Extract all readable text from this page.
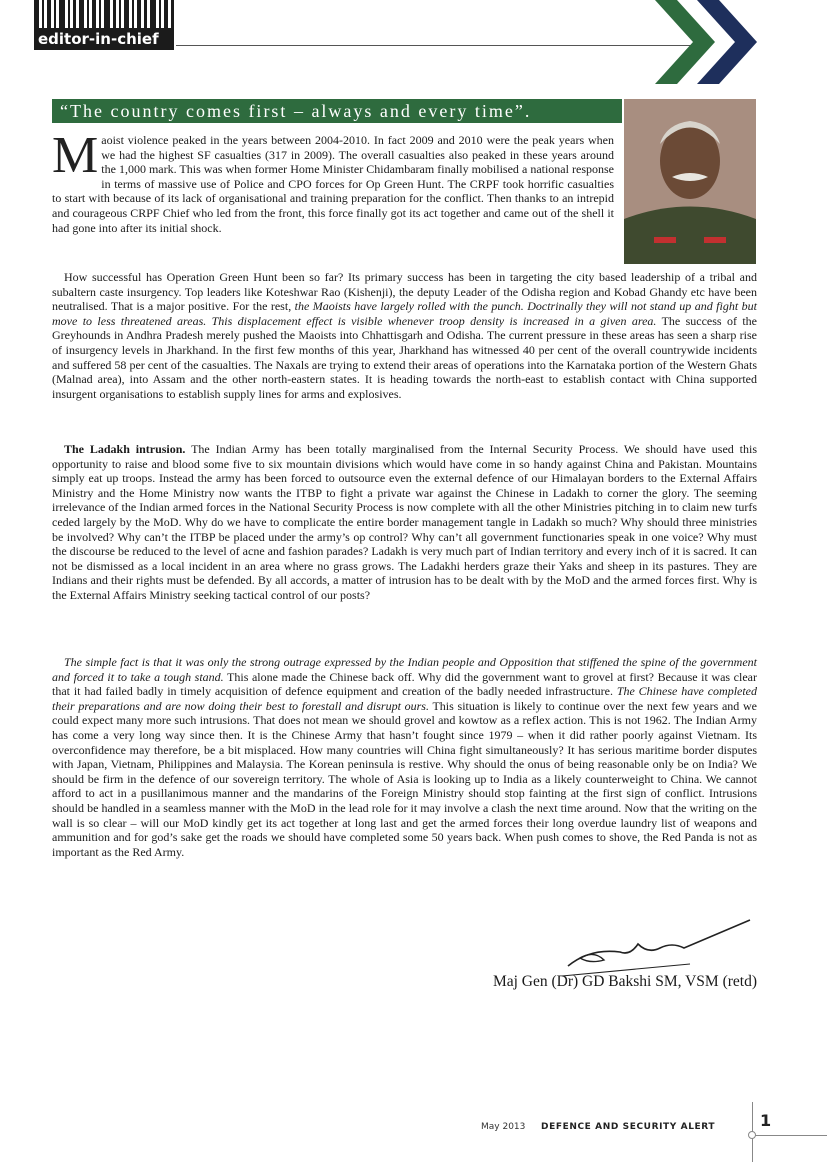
editor-in-chief
“The country comes first – always and every time”.
Maoist violence peaked in the years between 2004-2010. In fact 2009 and 2010 were the peak years when we had the highest SF casualties (317 in 2009). The overall casualties also peaked in these years around the 1,000 mark. This was when former Home Minister Chidambaram finally mobilised a national response in terms of massive use of Police and CPO forces for Op Green Hunt. The CRPF took horrific casualties to start with because of its lack of organisational and training preparation for the conflict. Then thanks to an intrepid and courageous CRPF Chief who led from the front, this force finally got its act together and came out of the shell it had gone into after its initial shock.

How successful has Operation Green Hunt been so far? Its primary success has been in targeting the city based leadership of a tribal and subaltern caste insurgency. Top leaders like Koteshwar Rao (Kishenji), the deputy Leader of the Odisha region and Kobad Ghandy etc have been neutralised. That is a major positive. For the rest, the Maoists have largely rolled with the punch. Doctrinally they will not stand up and fight but move to less threatened areas. This displacement effect is visible whenever troop density is increased in a given area. The success of the Greyhounds in Andhra Pradesh merely pushed the Maoists into Chhattisgarh and Odisha. The current pressure in these areas has seen a sharp rise of insurgency levels in Jharkhand. In the first few months of this year, Jharkhand has witnessed 40 per cent of the overall countrywide incidents and suffered 58 per cent of the casualties. The Naxals are trying to extend their areas of operations into the Karnataka portion of the Western Ghats (Malnad area), into Assam and the other north-eastern states. It is heading towards the north-east to establish contact with China supported insurgent organisations to establish supply lines for arms and explosives.

The Ladakh intrusion. The Indian Army has been totally marginalised from the Internal Security Process. We should have used this opportunity to raise and blood some five to six mountain divisions which would have come in so handy against China and Pakistan. Mountains simply eat up troops. Instead the army has been forced to outsource even the external defence of our Himalayan borders to the External Affairs Ministry and the Home Ministry now wants the ITBP to fight a private war against the Chinese in Ladakh to corner the glory. The seeming irrelevance of the Indian armed forces in the National Security Process is now complete with all the other Ministries pitching in to claim new turfs ceded largely by the MoD. Why do we have to complicate the entire border management tangle in Ladakh so much? Why should three ministries be involved? Why can’t the ITBP be placed under the army’s op control? Why can’t all government functionaries speak in one voice? Why must the discourse be reduced to the level of acne and fashion parades? Ladakh is very much part of Indian territory and every inch of it is sacred. It can not be dismissed as a local incident in an area where no grass grows. The Ladakhi herders graze their Yaks and sheep in its pastures. They are Indians and their rights must be defended. By all accords, a matter of intrusion has to be dealt with by the MoD and the armed forces first. Why is the External Affairs Ministry seeking tactical control of our posts?

The simple fact is that it was only the strong outrage expressed by the Indian people and Opposition that stiffened the spine of the government and forced it to take a tough stand. This alone made the Chinese back off. Why did the government want to grovel at first? Because it was clear that it had failed badly in timely acquisition of defence equipment and creation of the badly needed infrastructure. The Chinese have completed their preparations and are now doing their best to forestall and disrupt ours. This situation is likely to continue over the next few years and we could expect many more such intrusions. That does not mean we should grovel and kowtow as a reflex action. This is not 1962. The Indian Army has come a very long way since then. It is the Chinese Army that hasn’t fought since 1979 – when it did rather poorly against Vietnam. Its overconfidence may therefore, be a bit misplaced. How many countries will China fight simultaneously? It has serious maritime border disputes with Japan, Vietnam, Philippines and Malaysia. The Korean peninsula is restive. Why should the onus of being reasonable only be on India? We should be firm in the defence of our sovereign territory. The whole of Asia is looking up to India as a likely counterweight to China. We cannot afford to act in a pusillanimous manner and the mandarins of the Foreign Ministry should stop fainting at the first sign of conflict. Intrusions should be handled in a seamless manner with the MoD in the lead role for it may involve a clash the next time around. Now that the writing on the wall is so clear – will our MoD kindly get its act together at long last and get the armed forces their long overdue laundry list of weapons and ammunition and for god’s sake get the roads we should have completed some 50 years back. When push comes to shove, the Red Panda is not as important as the Red Army.

Maj Gen (Dr) GD Bakshi SM, VSM (retd)
May 2013 DEFENCE AND SECURITY ALERT	1
